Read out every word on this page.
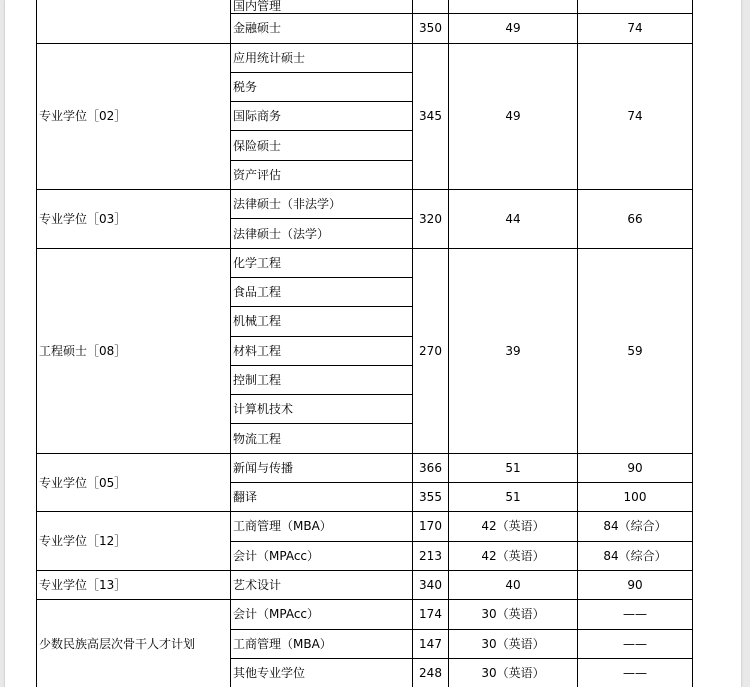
	国内管理			
	金融硕士	350	49	74
专业学位［02］	应用统计硕士	345	49	74
	税务			
	国际商务			
	保险硕士			
	资产评估			
专业学位［03］	法律硕士（非法学）	320	44	66
	法律硕士（法学）			
工程硕士［08］	化学工程	270	39	59
	食品工程			
	机械工程			
	材料工程			
	控制工程			
	计算机技术			
	物流工程			
专业学位［05］	新闻与传播	366	51	90
	翻译	355	51	100
专业学位［12］	工商管理（MBA）	170	42（英语）	84（综合）
	会计（MPAcc）	213	42（英语）	84（综合）
专业学位［13］	艺术设计	340	40	90
少数民族高层次骨干人才计划	会计（MPAcc）	174	30（英语）	——
	工商管理（MBA）	147	30（英语）	——
	其他专业学位	248	30（英语）	——
